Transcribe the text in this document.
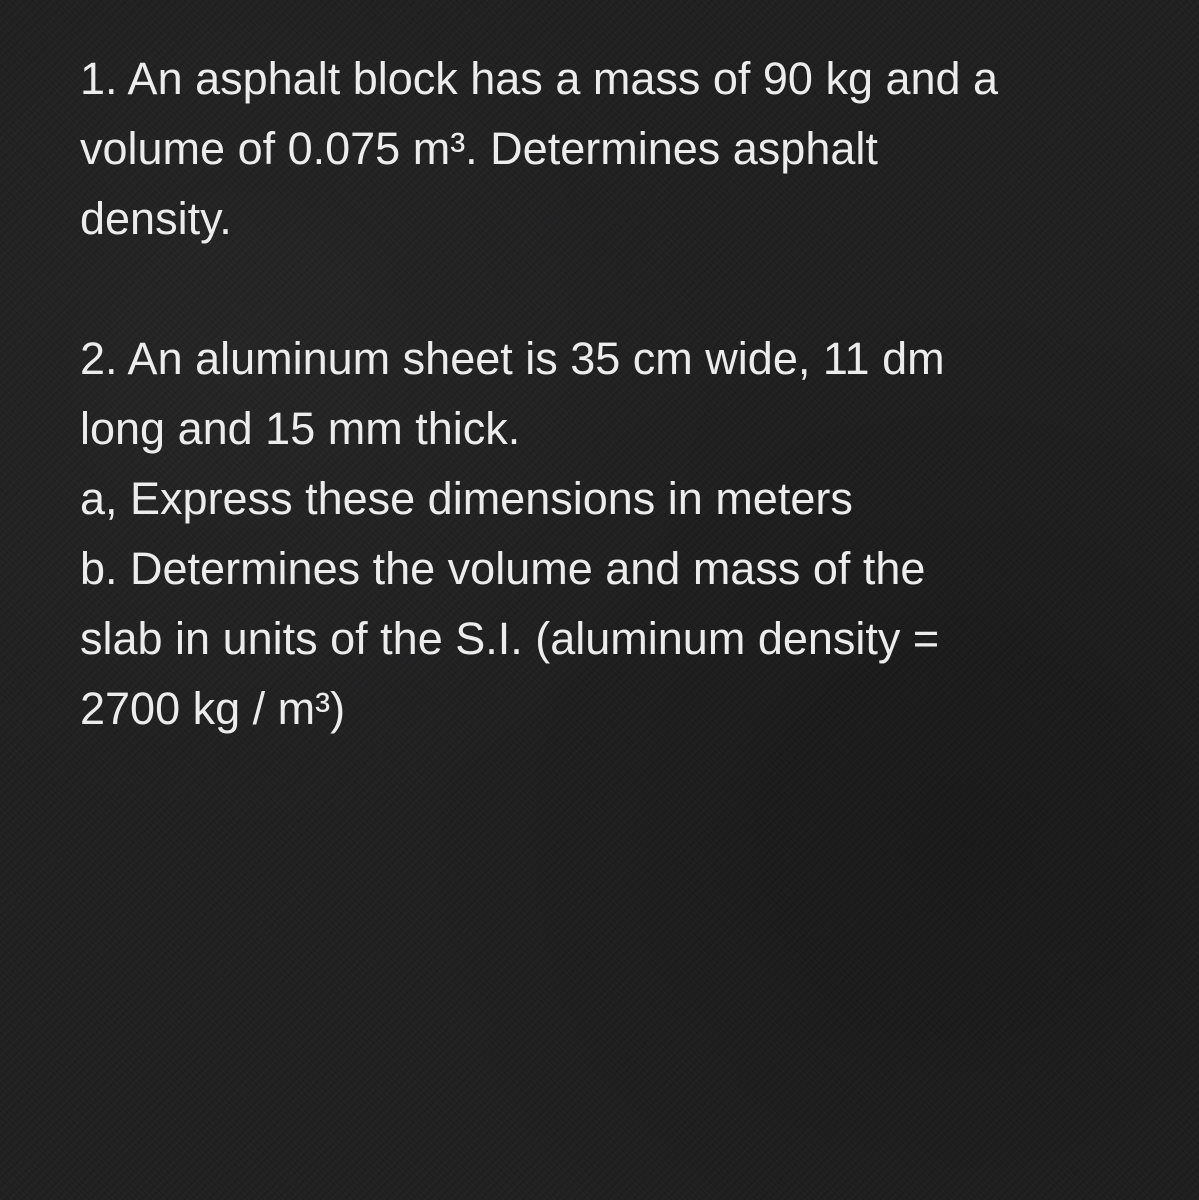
1. An asphalt block has a mass of 90 kg and a
volume of 0.075 m³. Determines asphalt
density.
2. An aluminum sheet is 35 cm wide, 11 dm
long and 15 mm thick.
a, Express these dimensions in meters
b. Determines the volume and mass of the
slab in units of the S.I. (aluminum density =
2700 kg / m³)
